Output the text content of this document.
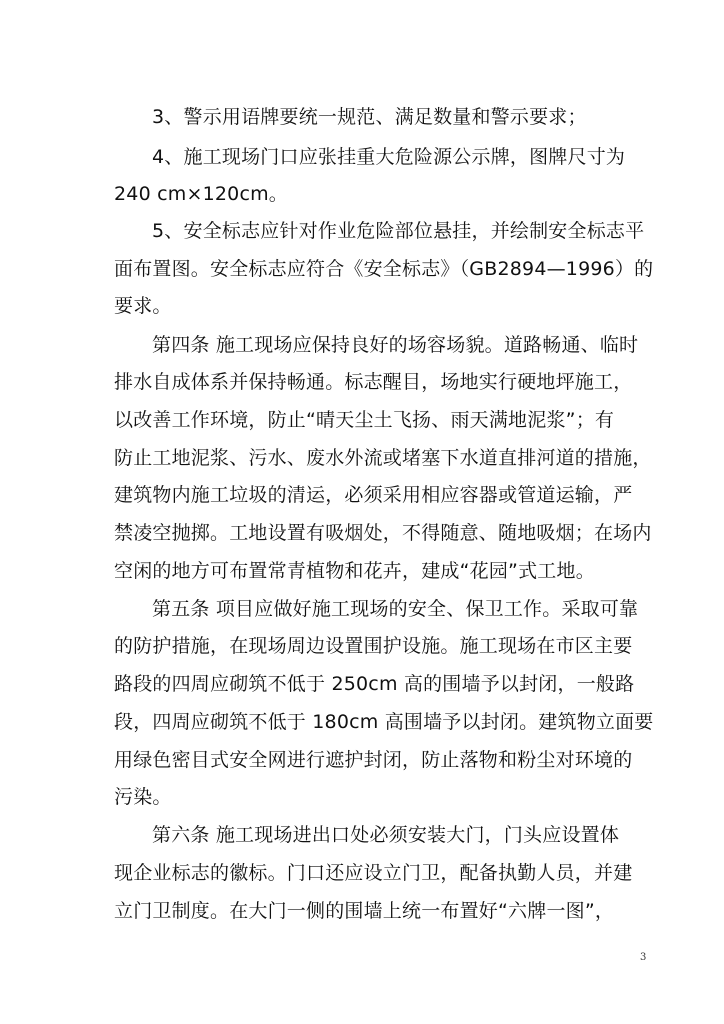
3、警示用语牌要统一规范、满足数量和警示要求；
4、施工现场门口应张挂重大危险源公示牌，图牌尺寸为
240 cm×120cm。
5、安全标志应针对作业危险部位悬挂，并绘制安全标志平
面布置图。安全标志应符合《安全标志》（GB2894—1996）的
要求。
第四条 施工现场应保持良好的场容场貌。道路畅通、临时
排水自成体系并保持畅通。标志醒目，场地实行硬地坪施工，
以改善工作环境，防止“晴天尘土飞扬、雨天满地泥浆”；有
防止工地泥浆、污水、废水外流或堵塞下水道直排河道的措施，
建筑物内施工垃圾的清运，必须采用相应容器或管道运输，严
禁凌空抛掷。工地设置有吸烟处，不得随意、随地吸烟；在场内
空闲的地方可布置常青植物和花卉，建成“花园”式工地。
第五条 项目应做好施工现场的安全、保卫工作。采取可靠
的防护措施，在现场周边设置围护设施。施工现场在市区主要
路段的四周应砌筑不低于 250cm 高的围墙予以封闭，一般路
段，四周应砌筑不低于 180cm 高围墙予以封闭。建筑物立面要
用绿色密目式安全网进行遮护封闭，防止落物和粉尘对环境的
污染。
第六条 施工现场进出口处必须安装大门，门头应设置体
现企业标志的徽标。门口还应设立门卫，配备执勤人员，并建
立门卫制度。在大门一侧的围墙上统一布置好“六牌一图”，
3
